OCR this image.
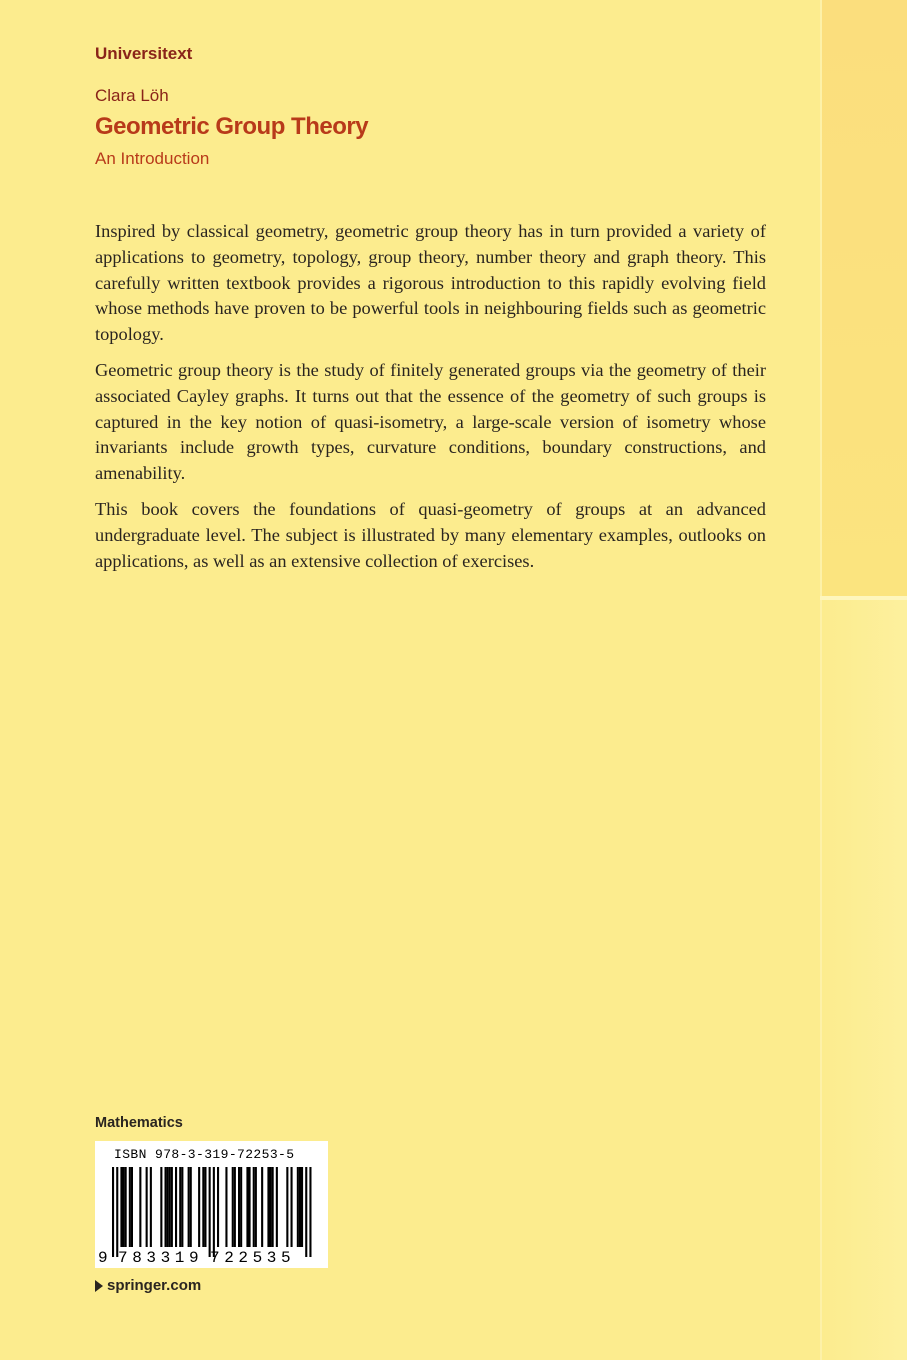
Universitext
Clara Löh
Geometric Group Theory
An Introduction

Inspired by classical geometry, geometric group theory has in turn provided a variety of applications to geometry, topology, group theory, number theory and graph theory. This carefully written textbook provides a rigorous introduction to this rapidly evolving field whose methods have proven to be powerful tools in neighbouring fields such as geometric topology.

Geometric group theory is the study of finitely generated groups via the geometry of their associated Cayley graphs. It turns out that the essence of the geometry of such groups is captured in the key notion of quasi-isometry, a large-scale version of isometry whose invariants include growth types, curvature conditions, boundary constructions, and amenability.

This book covers the foundations of quasi-geometry of groups at an advanced undergraduate level. The subject is illustrated by many elementary examples, outlooks on applications, as well as an extensive collection of exercises.

Mathematics
ISBN 978-3-319-72253-5
9 783319 722535
springer.com
